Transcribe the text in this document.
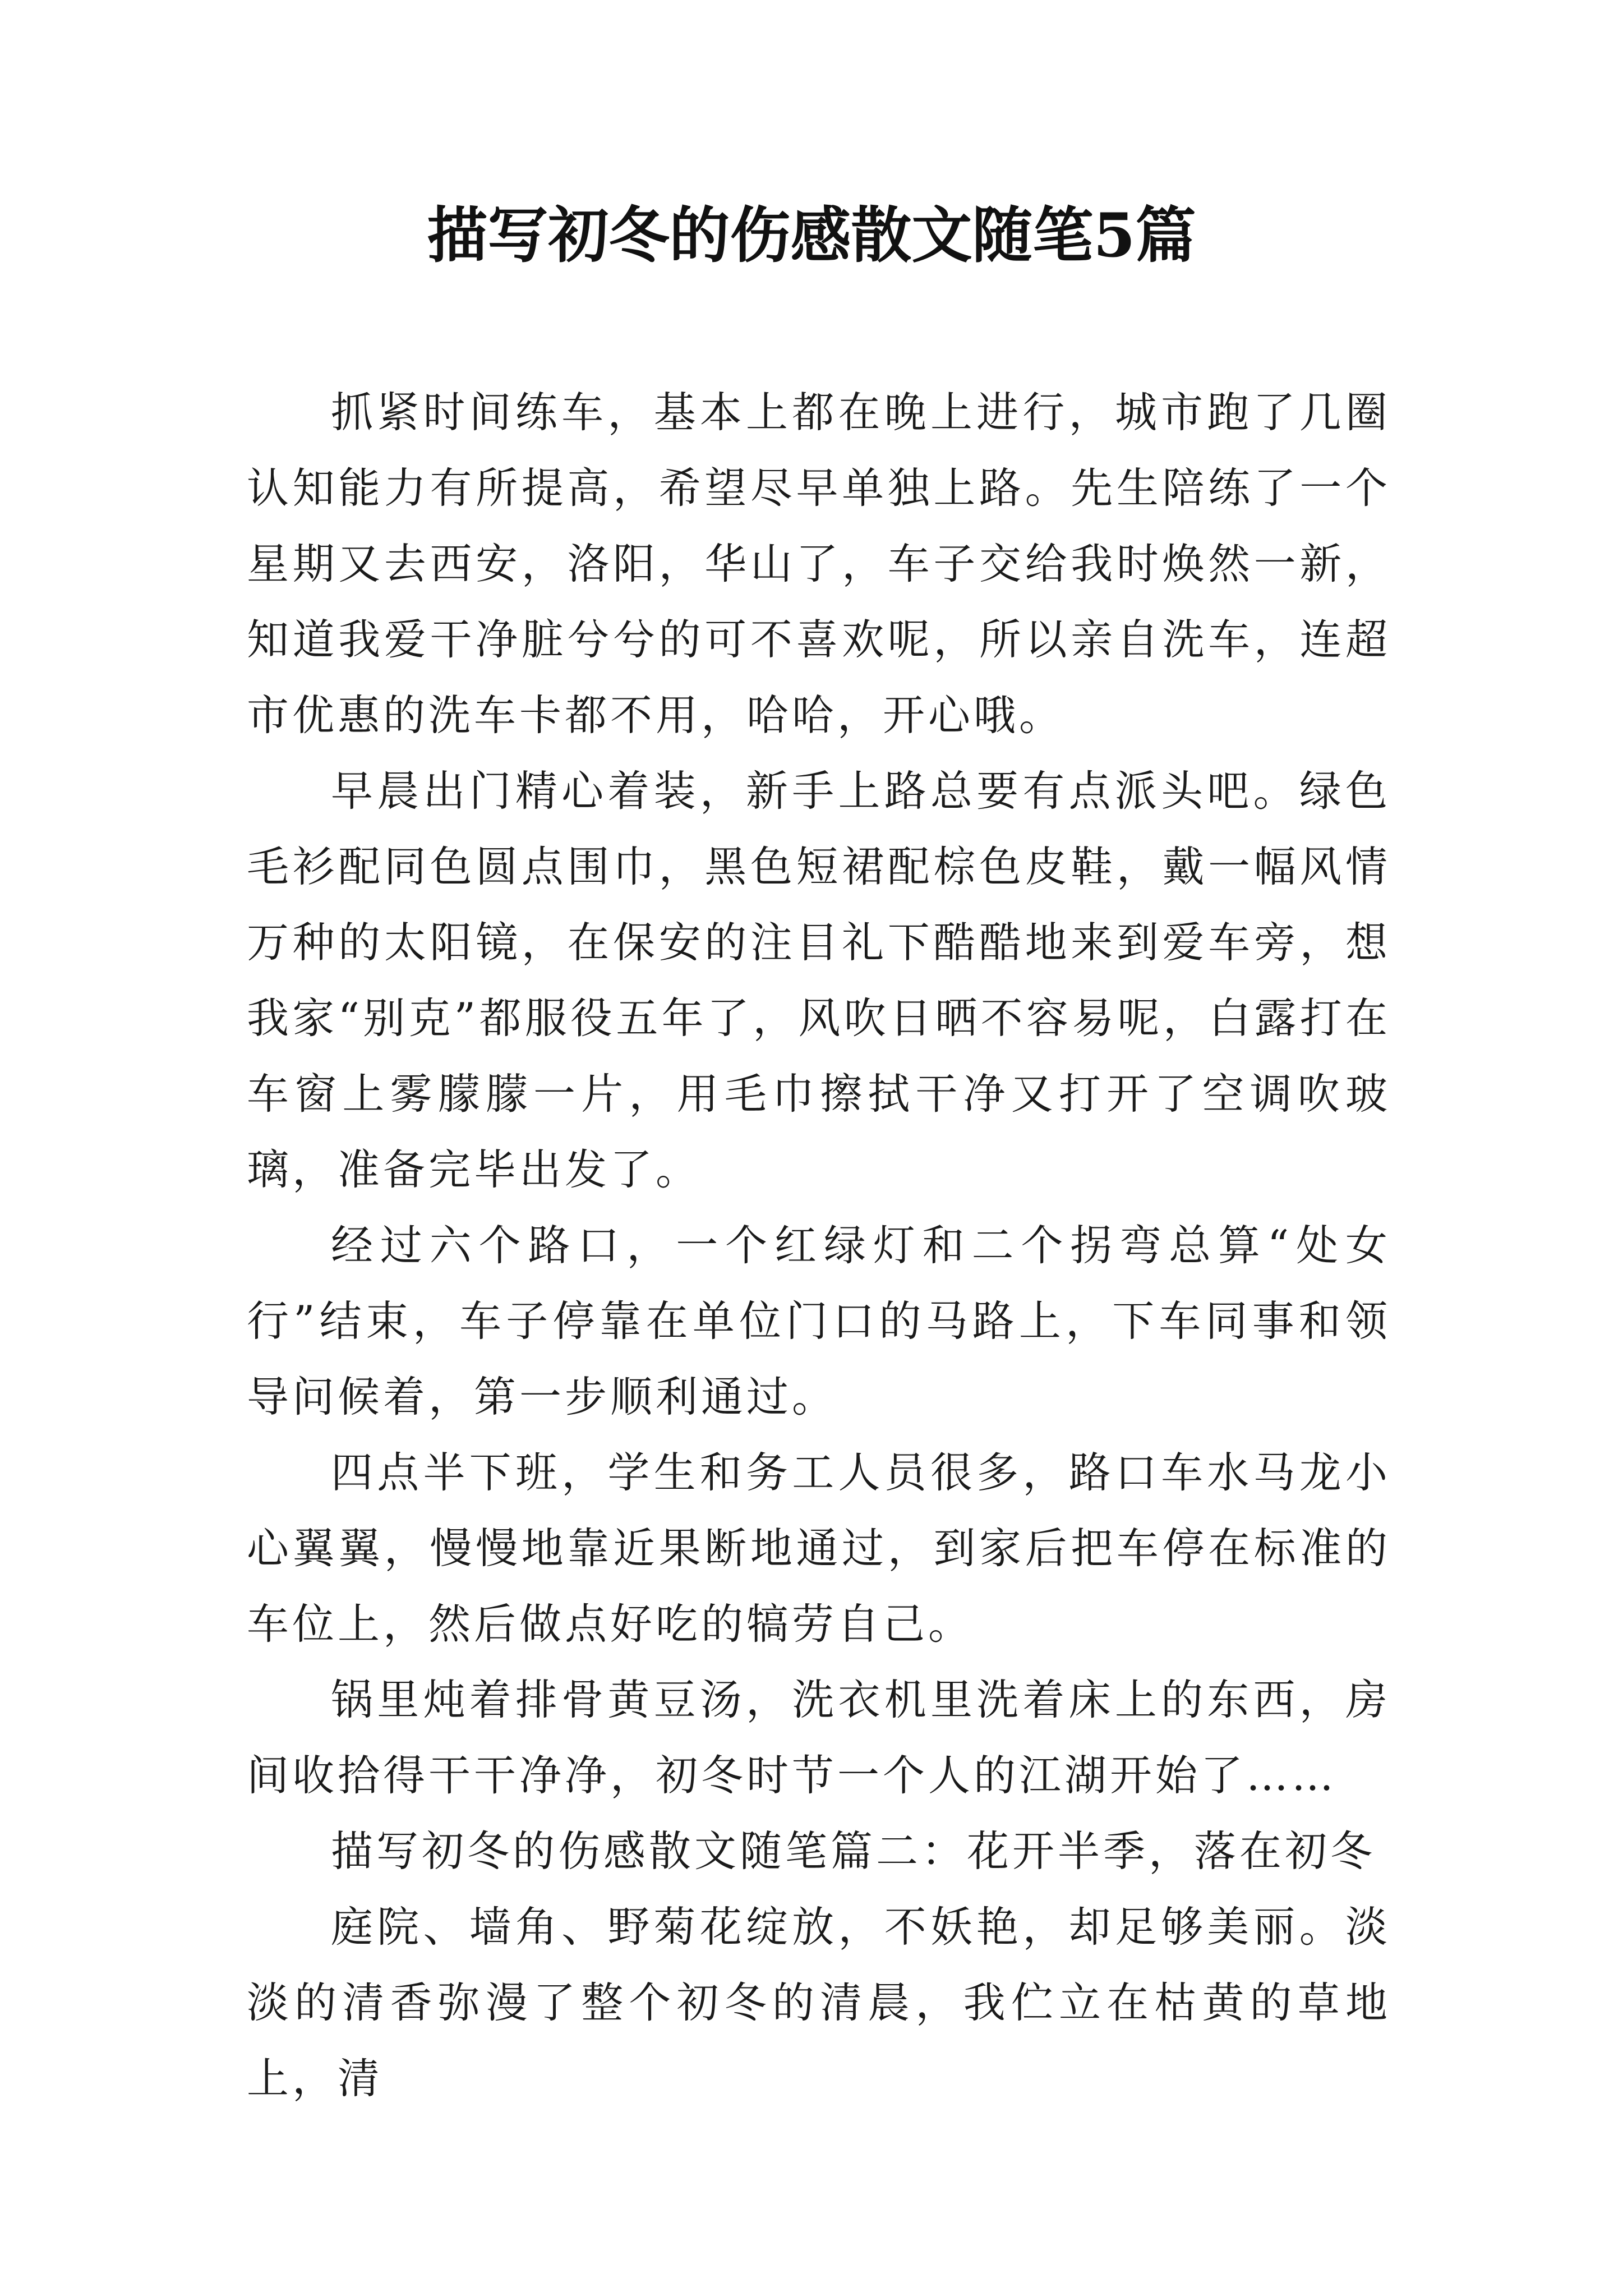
描写初冬的伤感散文随笔5篇

抓紧时间练车，基本上都在晚上进行，城市跑了几圈认知能力有所提高，希望尽早单独上路。先生陪练了一个星期又去西安，洛阳，华山了，车子交给我时焕然一新，知道我爱干净脏兮兮的可不喜欢呢，所以亲自洗车，连超市优惠的洗车卡都不用，哈哈，开心哦。

早晨出门精心着装，新手上路总要有点派头吧。绿色毛衫配同色圆点围巾，黑色短裙配棕色皮鞋，戴一幅风情万种的太阳镜，在保安的注目礼下酷酷地来到爱车旁，想我家“别克”都服役五年了，风吹日晒不容易呢，白露打在车窗上雾朦朦一片，用毛巾擦拭干净又打开了空调吹玻璃，准备完毕出发了。

经过六个路口，一个红绿灯和二个拐弯总算“处女行”结束，车子停靠在单位门口的马路上，下车同事和领导问候着，第一步顺利通过。

四点半下班，学生和务工人员很多，路口车水马龙小心翼翼，慢慢地靠近果断地通过，到家后把车停在标准的车位上，然后做点好吃的犒劳自己。

锅里炖着排骨黄豆汤，洗衣机里洗着床上的东西，房间收拾得干干净净，初冬时节一个人的江湖开始了……

描写初冬的伤感散文随笔篇二：花开半季，落在初冬

庭院、墙角、野菊花绽放，不妖艳，却足够美丽。淡淡的清香弥漫了整个初冬的清晨，我伫立在枯黄的草地上，清
